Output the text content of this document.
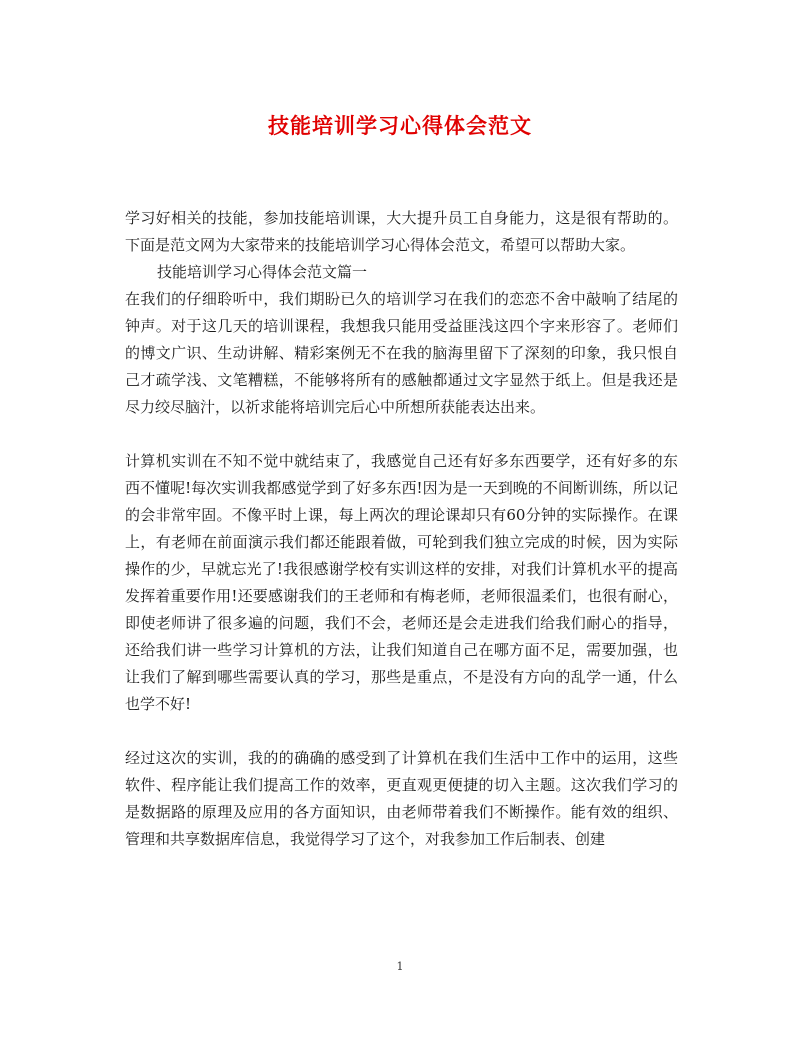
技能培训学习心得体会范文

学习好相关的技能，参加技能培训课，大大提升员工自身能力，这是很有帮助的。下面是范文网为大家带来的技能培训学习心得体会范文，希望可以帮助大家。

技能培训学习心得体会范文篇一

在我们的仔细聆听中，我们期盼已久的培训学习在我们的恋恋不舍中敲响了结尾的钟声。对于这几天的培训课程，我想我只能用受益匪浅这四个字来形容了。老师们的博文广识、生动讲解、精彩案例无不在我的脑海里留下了深刻的印象，我只恨自己才疏学浅、文笔糟糕，不能够将所有的感触都通过文字显然于纸上。但是我还是尽力绞尽脑汁，以祈求能将培训完后心中所想所获能表达出来。

计算机实训在不知不觉中就结束了，我感觉自己还有好多东西要学，还有好多的东西不懂呢!每次实训我都感觉学到了好多东西!因为是一天到晚的不间断训练，所以记的会非常牢固。不像平时上课，每上两次的理论课却只有60分钟的实际操作。在课上，有老师在前面演示我们都还能跟着做，可轮到我们独立完成的时候，因为实际操作的少，早就忘光了!我很感谢学校有实训这样的安排，对我们计算机水平的提高发挥着重要作用!还要感谢我们的王老师和有梅老师，老师很温柔们，也很有耐心，即使老师讲了很多遍的问题，我们不会，老师还是会走进我们给我们耐心的指导，还给我们讲一些学习计算机的方法，让我们知道自己在哪方面不足，需要加强，也让我们了解到哪些需要认真的学习，那些是重点，不是没有方向的乱学一通，什么也学不好!

经过这次的实训，我的的确确的感受到了计算机在我们生活中工作中的运用，这些软件、程序能让我们提高工作的效率，更直观更便捷的切入主题。这次我们学习的是数据路的原理及应用的各方面知识，由老师带着我们不断操作。能有效的组织、管理和共享数据库信息，我觉得学习了这个，对我参加工作后制表、创建

1
